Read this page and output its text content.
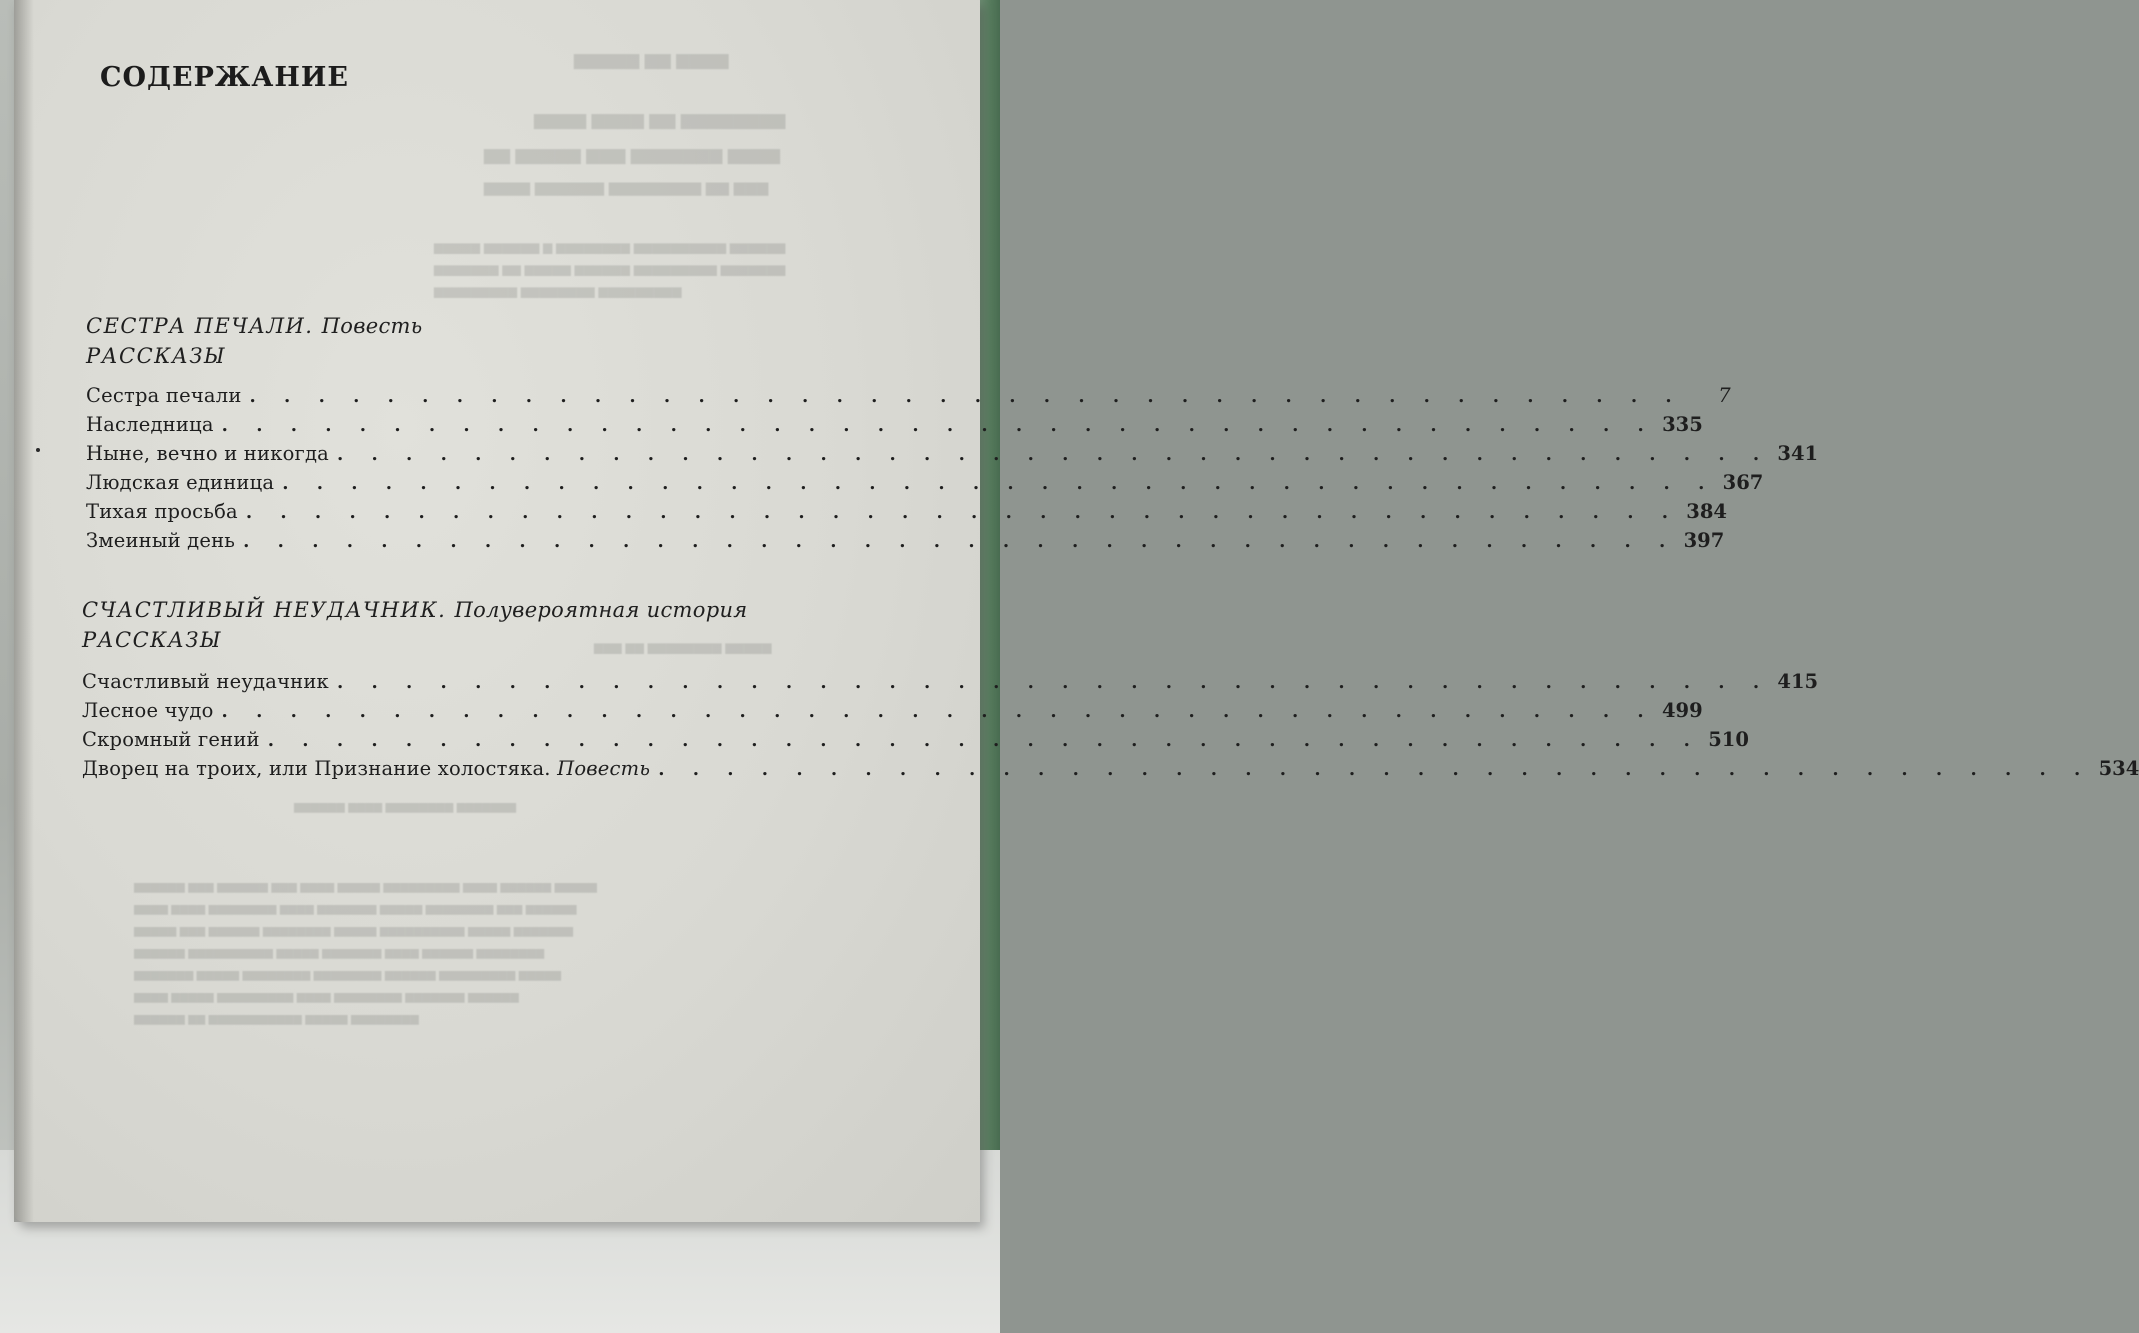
▆▆▆▆ ▆▆ ▆▆▆▆▆
▆▆▆▆▆▆▆▆ ▆▆ ▆▆▆▆ ▆▆▆▆
▆▆▆▆ ▆▆▆▆▆▆▆ ▆▆▆ ▆▆▆▆▆ ▆▆
▆▆▆ ▆▆ ▆▆▆▆▆▆▆▆ ▆▆▆▆▆▆ ▆▆▆▆
▆▆▆▆▆▆ ▆▆▆▆▆▆▆▆▆▆ ▆▆▆▆▆▆▆▆ ▆ ▆▆▆▆▆▆ ▆▆▆▆▆
▆▆▆▆▆▆▆ ▆▆▆▆▆▆▆▆▆ ▆▆▆▆▆▆ ▆▆▆▆▆ ▆▆ ▆▆▆▆▆▆▆
▆▆▆▆▆▆▆▆▆ ▆▆▆▆▆▆▆▆ ▆▆▆▆▆▆▆▆▆
▆▆▆▆▆ ▆▆▆▆▆▆▆▆ ▆▆ ▆▆▆
▆▆▆▆▆▆▆ ▆▆▆▆▆▆▆▆ ▆▆▆▆ ▆▆▆▆▆▆
▆▆▆▆▆ ▆▆▆▆▆▆ ▆▆▆▆ ▆▆▆▆▆▆▆▆▆ ▆▆▆▆▆ ▆▆▆▆ ▆▆▆ ▆▆▆▆▆▆ ▆▆▆ ▆▆▆▆▆▆
▆▆▆▆▆▆ ▆▆▆ ▆▆▆▆▆▆▆▆ ▆▆▆▆▆ ▆▆▆▆▆▆▆ ▆▆▆▆ ▆▆▆▆▆▆▆▆ ▆▆▆▆ ▆▆▆▆
▆▆▆▆▆▆▆ ▆▆▆▆▆ ▆▆▆▆▆▆▆▆▆▆ ▆▆▆▆▆ ▆▆▆▆▆▆▆▆ ▆▆▆▆▆▆ ▆▆▆ ▆▆▆▆▆
▆▆▆▆▆▆▆▆ ▆▆▆▆▆▆ ▆▆▆▆ ▆▆▆▆▆▆▆ ▆▆▆▆▆ ▆▆▆▆▆▆▆▆▆▆ ▆▆▆▆▆▆
▆▆▆▆▆ ▆▆▆▆▆▆▆▆▆ ▆▆▆▆▆▆ ▆▆▆▆▆▆▆▆ ▆▆▆▆▆▆▆▆ ▆▆▆▆▆ ▆▆▆▆▆▆▆
▆▆▆▆▆▆ ▆▆▆▆▆▆▆ ▆▆▆▆▆▆▆▆ ▆▆▆▆ ▆▆▆▆▆▆▆▆▆ ▆▆▆▆▆ ▆▆▆▆
▆▆▆▆▆▆▆▆ ▆▆▆▆▆ ▆▆▆▆▆▆▆▆▆▆▆ ▆▆ ▆▆▆▆▆▆
СОДЕРЖАНИЕ
СЕСТРА ПЕЧАЛИ. Повесть
РАССКАЗЫ
Сестра печали . . . . . . . . . . . . . . . . . . . . . . . . . . . . . . . . . . . . . . . . . .	7
Наследница . . . . . . . . . . . . . . . . . . . . . . . . . . . . . . . . . . . . . . . . . . 335
Ныне, вечно и никогда . . . . . . . . . . . . . . . . . . . . . . . . . . . . . . . . . . . . . . . . . . 341
Людская единица . . . . . . . . . . . . . . . . . . . . . . . . . . . . . . . . . . . . . . . . . . 367
Тихая просьба . . . . . . . . . . . . . . . . . . . . . . . . . . . . . . . . . . . . . . . . . . 384
Змеиный день . . . . . . . . . . . . . . . . . . . . . . . . . . . . . . . . . . . . . . . . . . 397
СЧАСТЛИВЫЙ НЕУДАЧНИК. Полувероятная история
РАССКАЗЫ
Счастливый неудачник . . . . . . . . . . . . . . . . . . . . . . . . . . . . . . . . . . . . . . . . . . 415
Лесное чудо . . . . . . . . . . . . . . . . . . . . . . . . . . . . . . . . . . . . . . . . . . 499
Скромный гений . . . . . . . . . . . . . . . . . . . . . . . . . . . . . . . . . . . . . . . . . . 510
Дворец на троих, или Признание холостяка. Повесть . . . . . . . . . . . . . . . . . . . . . . . . . . . . . . . . . . . . . . . . . . 534
